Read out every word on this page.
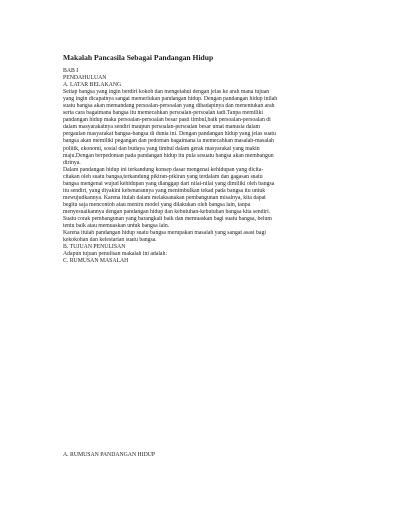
Makalah Pancasila Sebagai Pandangan Hidup
BAB I
PENDAHULUAN
A. LATAR BELAKANG
Setiap bangsa yang ingin berdiri kokoh dan mengetahui dengan jelas ke arah mana tujuan
yang ingin dicapainya sangat memerlukan pandangan hidup. Dengan pandangan hidup inilah
suatu bangsa akan memandang persoalan-persoalan yang dihadapinya dan menentukan arah
serta cara bagaimana bangsa itu memecahkan persoalan-persoalan tadi.Tanpa memiliki
pandangan hidup maka persoalan-persoalan besar pasti timbul,baik persoalan-persoalan di
dalam masyarakatnya sendiri maupun persoalan-persoalan besar umat manusia dalam
pergaulan masyarakat bangsa-bangsa di dunia ini. Dengan pandangan hidup yang jelas suatu
bangsa akan memiliki pegangan dan pedoman bagaimana ia memecahkan masalah-masalah
politik, ekonomi, sosial dan budaya yang timbul dalam gerak masyarakat yang makin
maju.Dengan berpedoman pada pandangan hidup itu pula sesuatu bangsa akan membangun
dirinya.
Dalam pandangan hidup ini terkandung konsep dasar mengenai kehidupan yang dicita-
citakan oleh suatu bangsa,terkandung pikiran-pikiran yang terdalam dan gagasan suatu
bangsa mengenai wujud kehidupan yang dianggap dari nilai-nilai yang dimiliki oleh bangsa
itu sendiri, yang diyakini kebenarannya yang menimbulkan tekad pada bangsa itu untuk
mewujudkannya. Karena itulah dalam melaksanakan pembangunan misalnya, kita dapat
begitu saja mencontoh atau meniru model yang dilakukan oleh bangsa lain, tanpa
menyesuaikannya dengan pandangan hidup dan kebutuhan-kebutuhan bangsa kita sendiri.
Suatu corak pembangunan yang barangkali baik dan memuaskan bagi suatu bangsa, belum
tentu baik atau memuaskan untuk bangsa lain.
Karena itulah pandangan hidup suatu bangsa merupakan masalah yang sangat asasi bagi
kekokohan dan kelestarian suatu bangsa.
B. TUJUAN PENULISAN
Adapun tujuan penulisan makalah ini adalah:
C. RUMUSAN MASALAH
A. RUMUSAN PANDANGAN HIDUP
